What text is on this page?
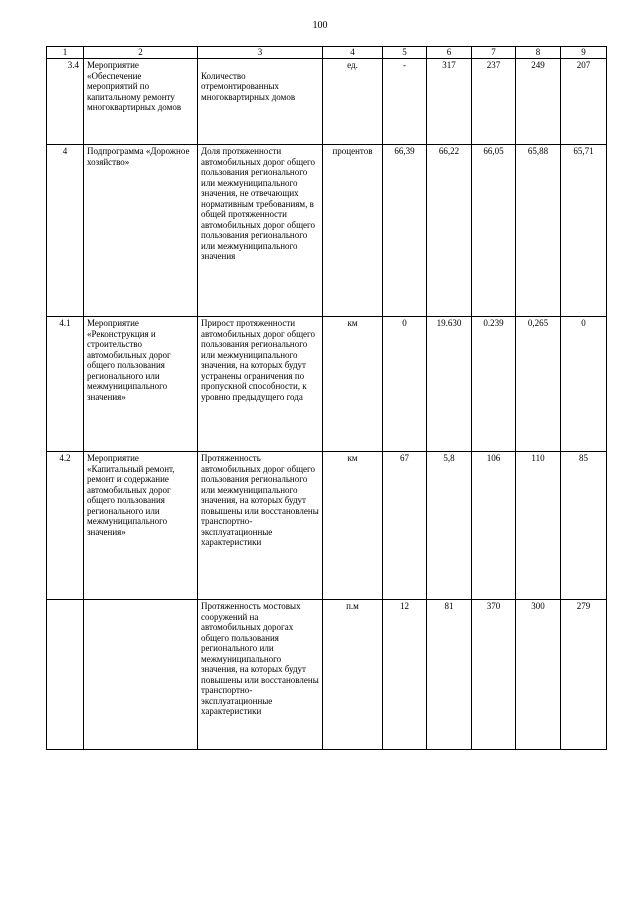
100
1	2	3	4	5	6	7	8	9
3.4	Мероприятие «Обеспечение мероприятий по капитальному ремонту многоквартирных домов	Количество отремонтированных многоквартирных домов	ед.	-	317	237	249	207
4	Подпрограмма «Дорожное хозяйство»	Доля протяженности автомобильных дорог общего пользования регионального или межмуниципального значения, не отвечающих нормативным требованиям, в общей протяженности автомобильных дорог общего пользования регионального или межмуниципального значения	процентов	66,39	66,22	66,05	65,88	65,71
4.1	Мероприятие «Реконструкция и строительство автомобильных дорог общего пользования регионального или межмуниципального значения»	Прирост протяженности автомобильных дорог общего пользования регионального или межмуниципального значения, на которых будут устранены ограничения по пропускной способности, к уровню предыдущего года	км	0	19.630	0.239	0,265	0
4.2	Мероприятие «Капитальный ремонт, ремонт и содержание автомобильных дорог общего пользования регионального или межмуниципального значения»	Протяженность автомобильных дорог общего пользования регионального или межмуниципального значения, на которых будут повышены или восстановлены транспортно-эксплуатационные характеристики	км	67	5,8	106	110	85
		Протяженность мостовых сооружений на автомобильных дорогах общего пользования регионального или межмуниципального значения, на которых будут повышены или восстановлены транспортно-эксплуатационные характеристики	п.м	12	81	370	300	279
